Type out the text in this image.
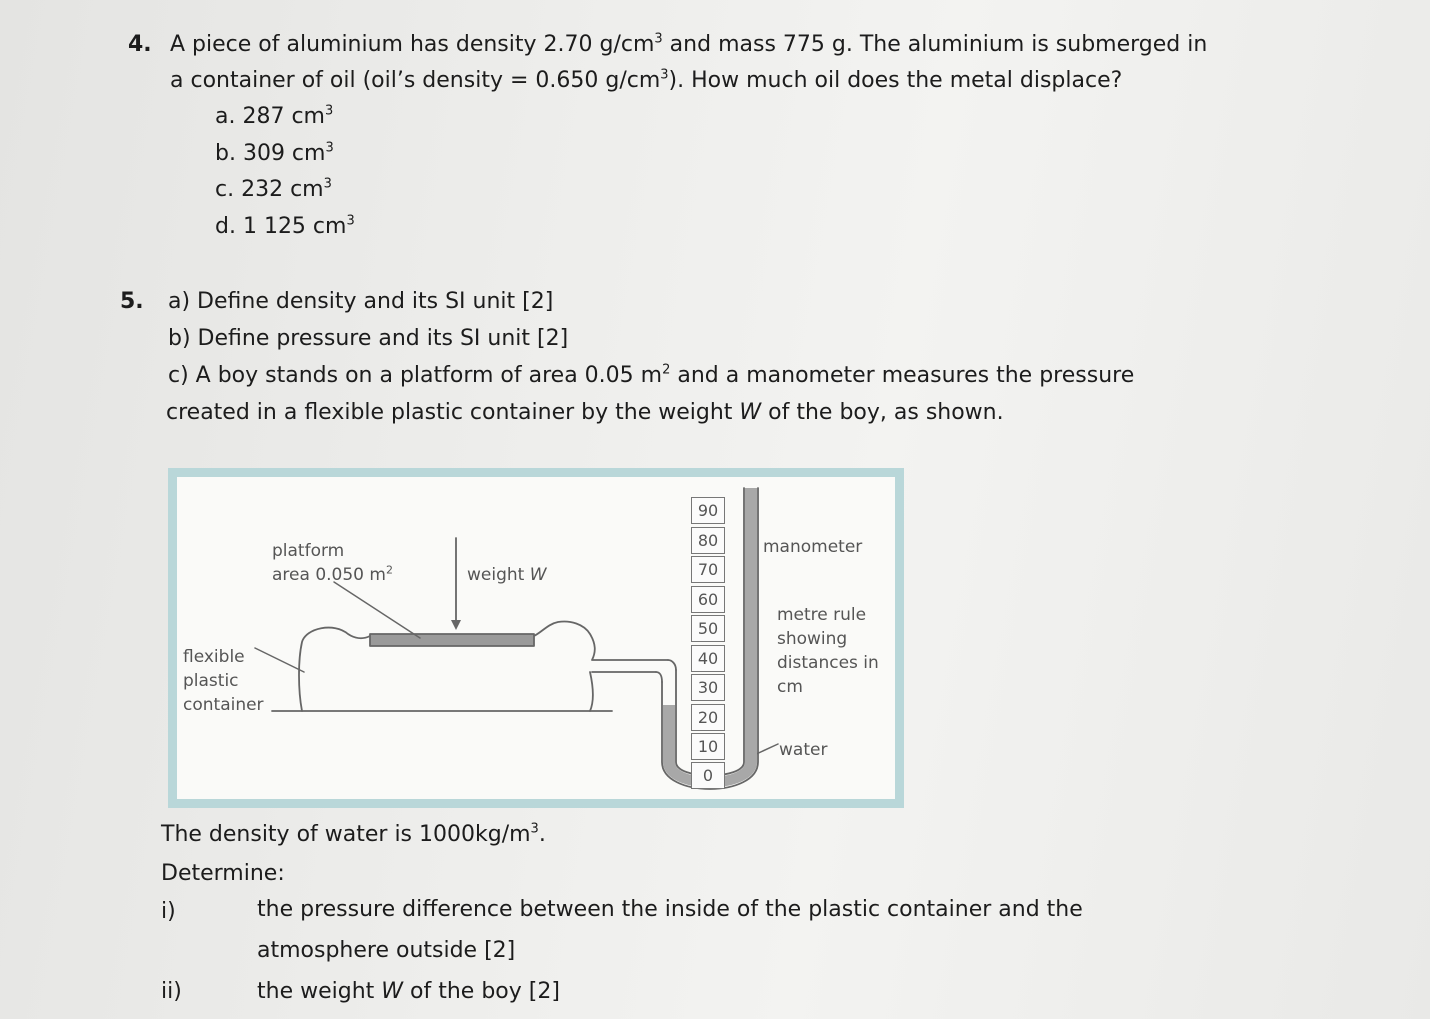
4. A piece of aluminium has density 2.70 $g/cm^3$ and mass 775 g. The aluminium is submerged in
a container of oil (oil’s density = 0.650 $g/cm^3$). How much oil does the metal displace?
a. 287 $cm^3$
b. 309 $cm^3$
c. 232 $cm^3$
d. 1 125 $cm^3$
5. a) Define density and its SI unit [2]
b) Define pressure and its SI unit [2]
c) A boy stands on a platform of area 0.05 $m^2$ and a manometer measures the pressure
created in a flexible plastic container by the weight W of the boy, as shown.
90
80
70
60
50
40
30
20
10
0
platform
area 0.050 $m^2$	weight W
flexible
plastic
container
manometer
metre rule
showing
distances in
cm
water
The density of water is $1000kg/m^3$.
Determine:
i)	the pressure difference between the inside of the plastic container and the
atmosphere outside [2]
ii)	the weight W of the boy [2]
